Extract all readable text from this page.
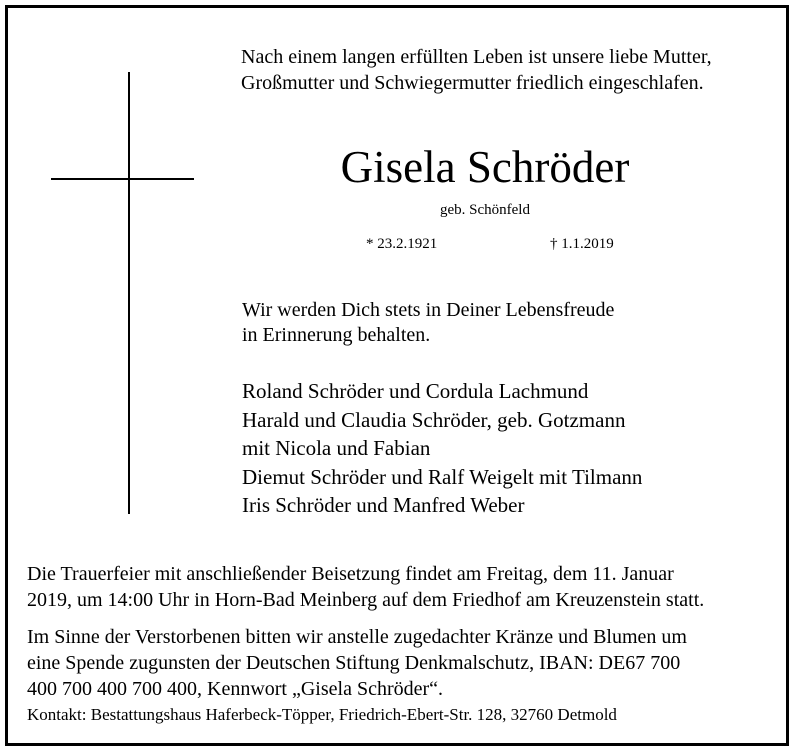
Nach einem langen erfüllten Leben ist unsere liebe Mutter,
Großmutter und Schwiegermutter friedlich eingeschlafen.
Gisela Schröder
geb. Schönfeld
* 23.2.1921	† 1.1.2019
Wir werden Dich stets in Deiner Lebensfreude
in Erinnerung behalten.
Roland Schröder und Cordula Lachmund
Harald und Claudia Schröder, geb. Gotzmann
mit Nicola und Fabian
Diemut Schröder und Ralf Weigelt mit Tilmann
Iris Schröder und Manfred Weber
Die Trauerfeier mit anschließender Beisetzung findet am Freitag, dem 11. Januar
2019, um 14:00 Uhr in Horn-Bad Meinberg auf dem Friedhof am Kreuzenstein statt.
Im Sinne der Verstorbenen bitten wir anstelle zugedachter Kränze und Blumen um
eine Spende zugunsten der Deutschen Stiftung Denkmalschutz, IBAN: DE67 700
400 700 400 700 400, Kennwort „Gisela Schröder“.
Kontakt: Bestattungshaus Haferbeck-Töpper, Friedrich-Ebert-Str. 128, 32760 Detmold
